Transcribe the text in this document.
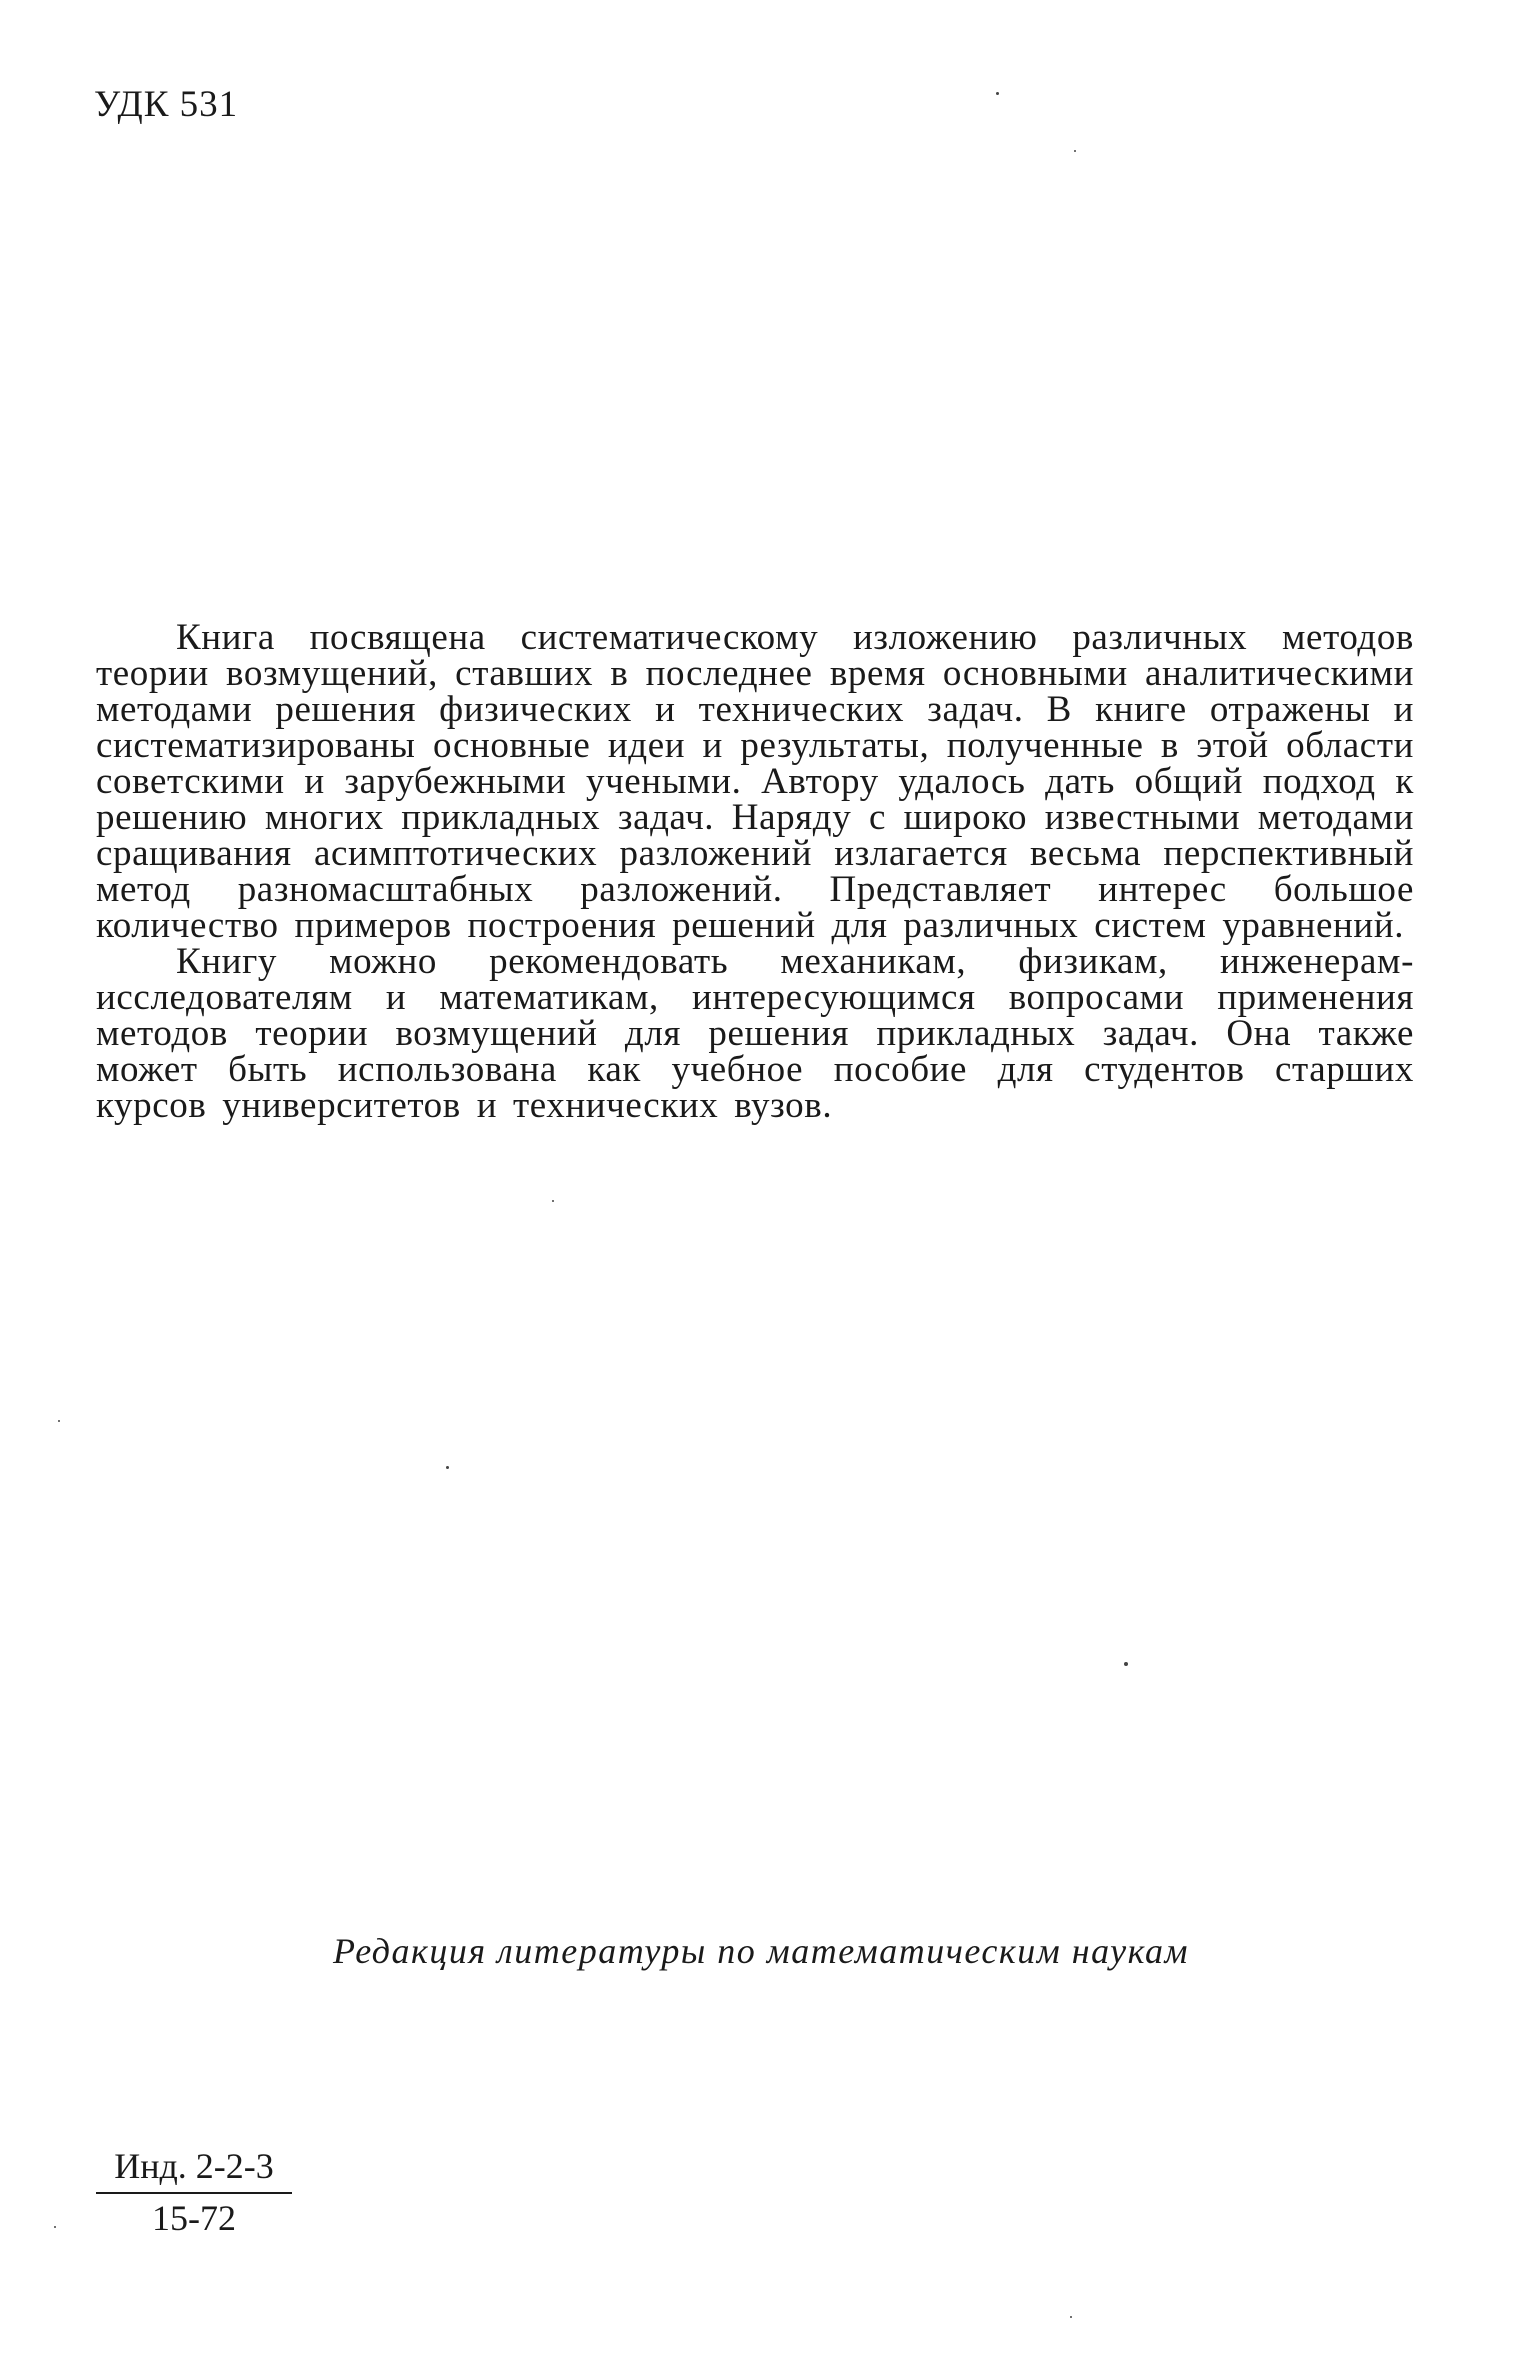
УДК 531

Книга посвящена систематическому изложению различных методов теории возмущений, ставших в последнее время основными аналитическими методами решения физических и технических задач. В книге отражены и систематизированы основные идеи и результаты, полученные в этой области советскими и зарубежными учеными. Автору удалось дать общий подход к решению многих прикладных задач. Наряду с широко известными методами сращивания асимптотических разложений излагается весьма перспективный метод разномасштабных разложений. Представляет интерес большое количество примеров построения решений для различных систем уравнений.

Книгу можно рекомендовать механикам, физикам, инженерам-исследователям и математикам, интересующимся вопросами применения методов теории возмущений для решения прикладных задач. Она также может быть использована как учебное пособие для студентов старших курсов университетов и технических вузов.

Редакция литературы по математическим наукам
Инд. 2-2-3
15-72
